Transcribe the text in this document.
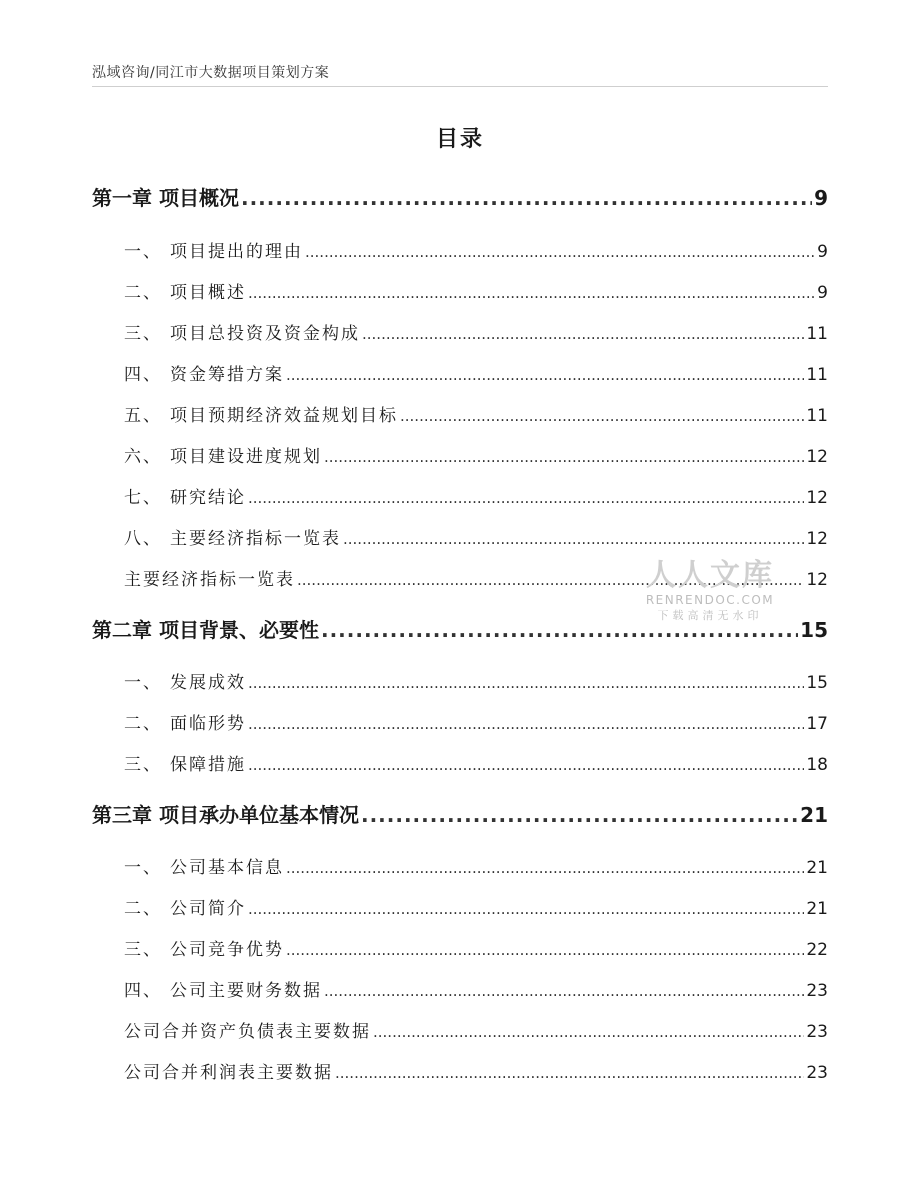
泓域咨询/同江市大数据项目策划方案
目录
第一章 项目概况 .....	9
一、 项目提出的理由 .....	9
二、 项目概述 .....	9
三、 项目总投资及资金构成 .....	11
四、 资金筹措方案 .....	11
五、 项目预期经济效益规划目标 .....	11
六、 项目建设进度规划 .....	12
七、 研究结论 .....	12
八、 主要经济指标一览表 .....	12
主要经济指标一览表 .....	12
第二章 项目背景、必要性 .....	15
一、 发展成效 .....	15
二、 面临形势 .....	17
三、 保障措施 .....	18
第三章 项目承办单位基本情况 .....	21
一、 公司基本信息 .....	21
二、 公司简介 .....	21
三、 公司竞争优势 .....	22
四、 公司主要财务数据 .....	23
公司合并资产负债表主要数据 .....	23
公司合并利润表主要数据 .....	23
人人文库
RENRENDOC.COM
下载高清无水印
